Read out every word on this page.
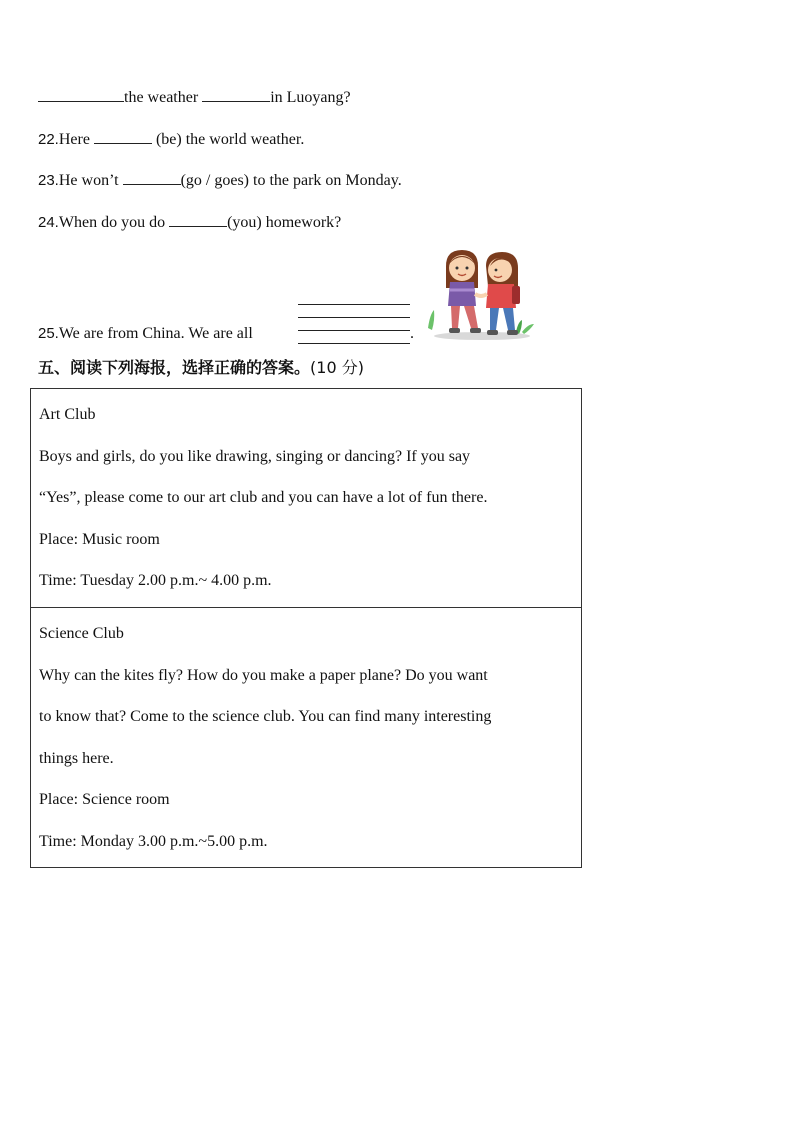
the weather	in Luoyang?
22.Here	(be) the world weather.
23.He won’t	(go / goes) to the park on Monday.
24.When do you do	(you) homework?
25.We are from China. We are all	.
五、阅读下列海报，选择正确的答案。(10 分)
Art Club
Boys and girls, do you like drawing, singing or dancing? If you say
“Yes”, please come to our art club and you can have a lot of fun there.
Place: Music room
Time: Tuesday 2.00 p.m.~ 4.00 p.m.
Science Club
Why can the kites fly? How do you make a paper plane? Do you want
to know that? Come to the science club. You can find many interesting
things here.
Place: Science room
Time: Monday 3.00 p.m.~5.00 p.m.
